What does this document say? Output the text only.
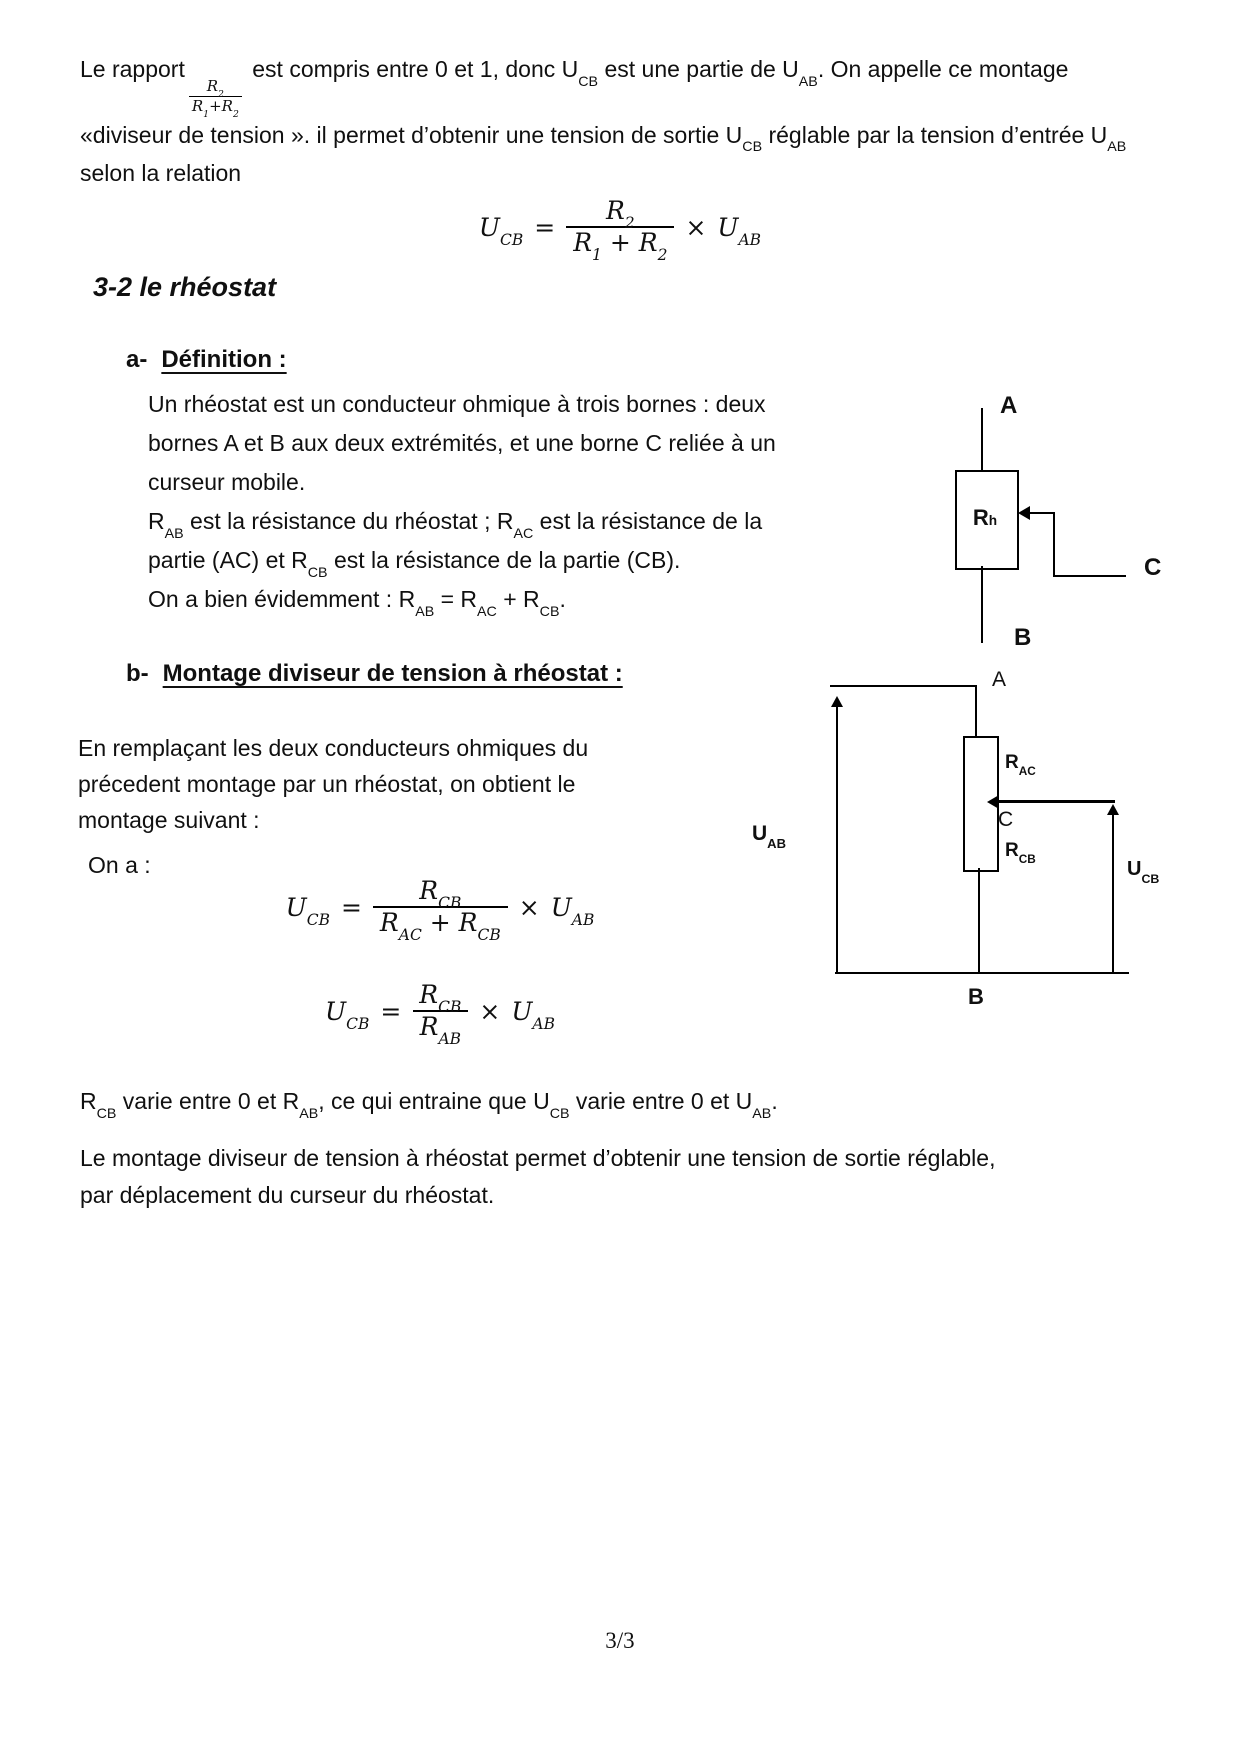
Le rapport
$\frac{R_2}{R_1+R_2}$
est compris entre 0 et 1, donc $U_{CB}$ est une partie de $U_{AB}$. On appelle ce montage «diviseur de tension ». il permet d’obtenir une tension de sortie $U_{CB}$ réglable par la tension d’entrée $U_{AB}$ selon la relation

$U_{CB} = \frac{R_2}{R_1 + R_2} \times U_{AB}$
3-2 le rhéostat
a- Définition :
Un rhéostat est un conducteur ohmique à trois bornes : deux
bornes A et B aux deux extrémités, et une borne C reliée à un
curseur mobile.
$R_{AB}$ est la résistance du rhéostat ; $R_{AC}$ est la résistance de la
partie (AC) et $R_{CB}$ est la résistance de la partie (CB).
On a bien évidemment : $R_{AB} = R_{AC} + R_{CB}$.
A
$R_h$
C
B
b- Montage diviseur de tension à rhéostat :
En remplaçant les deux conducteurs ohmiques du
précedent montage par un rhéostat, on obtient le
montage suivant :
On a :
A
$U_{AB}$
$R_{AC}$
C
$R_{CB}$	$U_{CB}$
B
$U_{CB} = \frac{R_{CB}}{R_{AC} + R_{CB}} \times U_{AB}$
$U_{CB} = \frac{R_{CB}}{R_{AB}} \times U_{AB}$
$R_{CB}$ varie entre 0 et $R_{AB}$, ce qui entraine que $U_{CB}$ varie entre 0 et $U_{AB}$.
Le montage diviseur de tension à rhéostat permet d’obtenir une tension de sortie réglable,
par déplacement du curseur du rhéostat.
3/3
